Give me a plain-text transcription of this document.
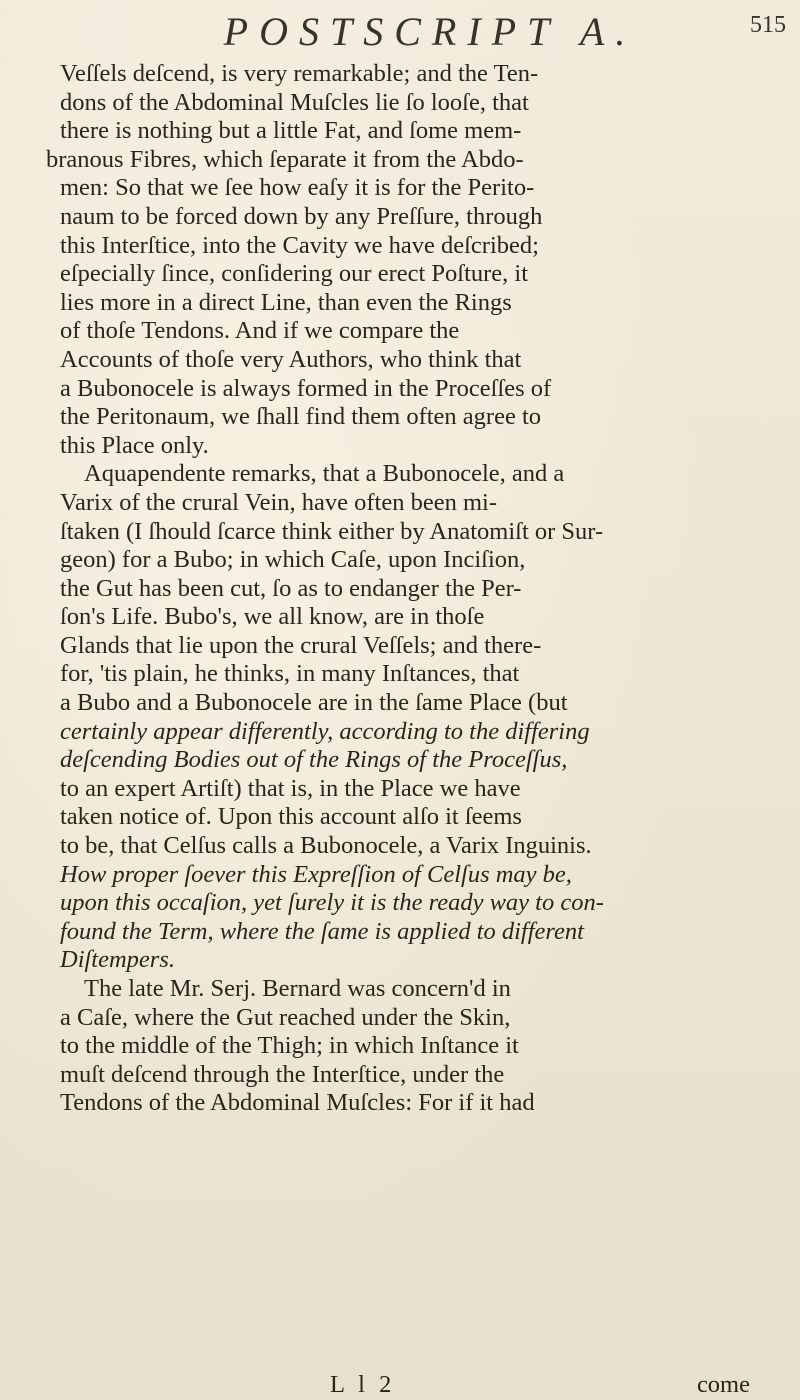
POSTSCRIPT A.	515
Veſſels deſcend, is very remarkable; and the Ten-
dons of the Abdominal Muſcles lie ſo looſe, that
there is nothing but a little Fat, and ſome mem-
branous Fibres, which ſeparate it from the Abdo-
men: So that we ſee how eaſy it is for the Perito-
naum to be forced down by any Preſſure, through
this Interſtice, into the Cavity we have deſcribed;
eſpecially ſince, conſidering our erect Poſture, it
lies more in a direct Line, than even the Rings
of thoſe Tendons. And if we compare the
Accounts of thoſe very Authors, who think that
a Bubonocele is always formed in the Proceſſes of
the Peritonaum, we ſhall find them often agree to
this Place only.
Aquapendente remarks, that a Bubonocele, and a
Varix of the crural Vein, have often been mi-
ſtaken (I ſhould ſcarce think either by Anatomiſt or Sur-
geon) for a Bubo; in which Caſe, upon Inciſion,
the Gut has been cut, ſo as to endanger the Per-
ſon's Life. Bubo's, we all know, are in thoſe
Glands that lie upon the crural Veſſels; and there-
for, 'tis plain, he thinks, in many Inſtances, that
a Bubo and a Bubonocele are in the ſame Place (but
certainly appear differently, according to the differing
deſcending Bodies out of the Rings of the Proceſſus,
to an expert Artiſt) that is, in the Place we have
taken notice of. Upon this account alſo it ſeems
to be, that Celſus calls a Bubonocele, a Varix Inguinis.
How proper ſoever this Expreſſion of Celſus may be,
upon this occaſion, yet ſurely it is the ready way to con-
found the Term, where the ſame is applied to different
Diſtempers.
The late Mr. Serj. Bernard was concern'd in
a Caſe, where the Gut reached under the Skin,
to the middle of the Thigh; in which Inſtance it
muſt deſcend through the Interſtice, under the
Tendons of the Abdominal Muſcles: For if it had
L l 2	come
